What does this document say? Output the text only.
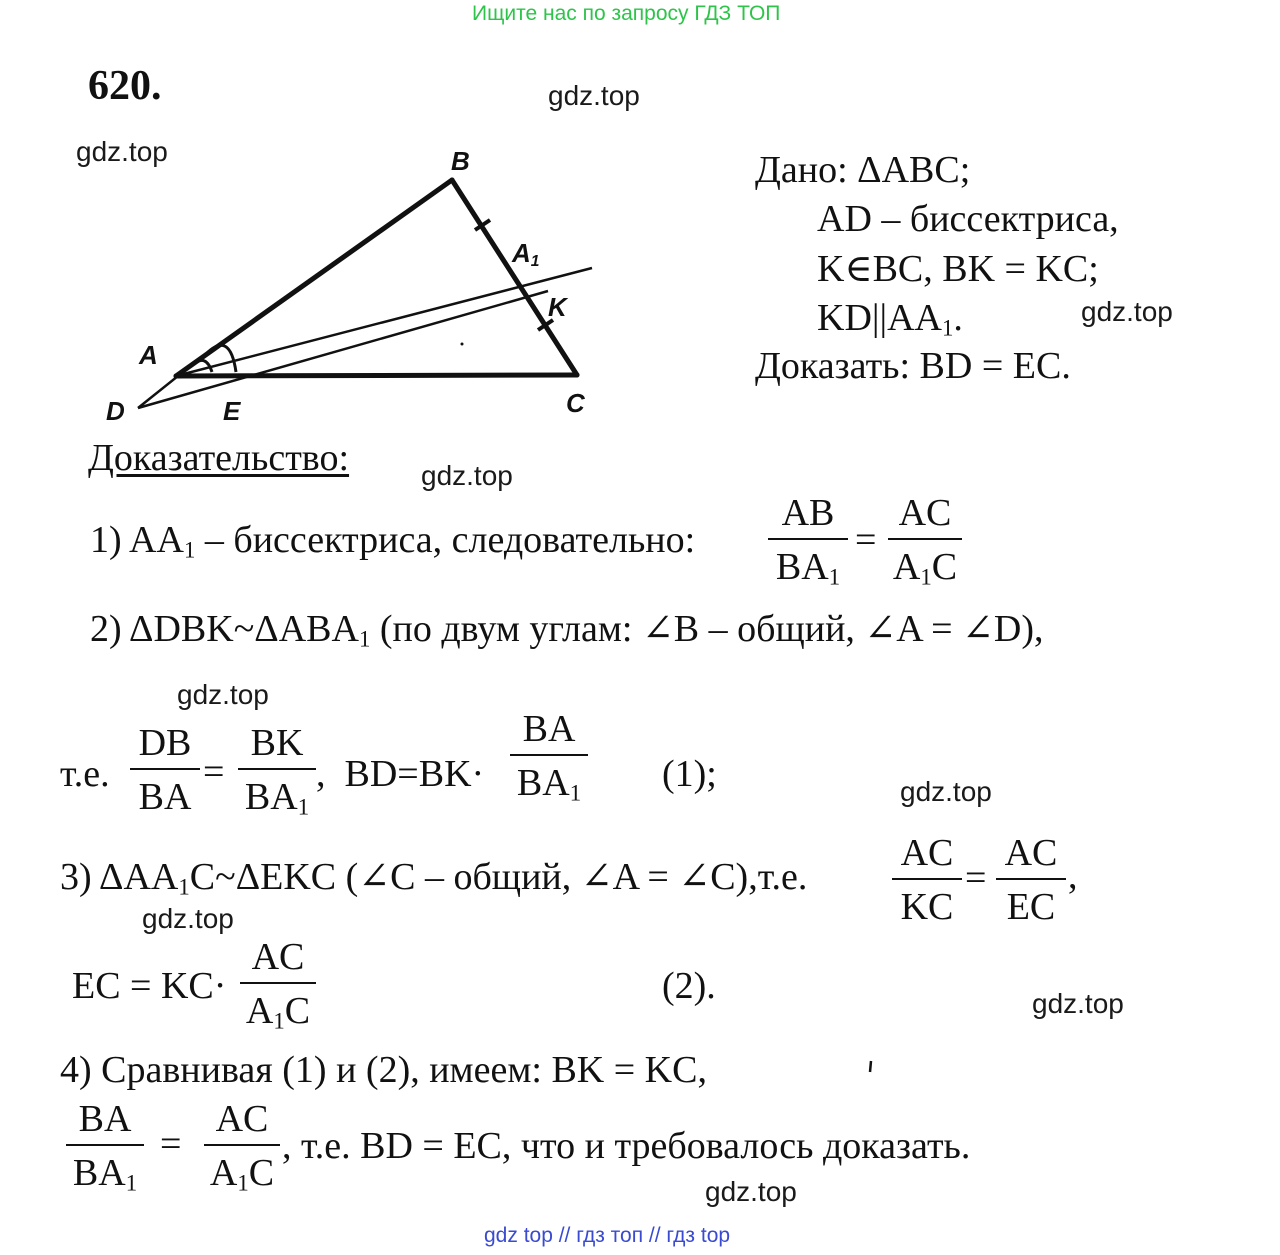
Ищите нас по запросу ГДЗ ТОП
gdz top // гдз топ // гдз top
gdz.top
gdz.top
gdz.top
gdz.top
gdz.top
gdz.top
gdz.top
gdz.top
gdz.top
620.
B
$A_1$
K
A
D	E	C
Дано: ΔABC;
AD – биссектриса,
K∈BC, BK = KC;
$KD||AA_1$.
Доказать: BD = EC.
Доказательство:
1) $AA_1$ – биссектриса, следовательно: $\frac{AB}{BA_1} = \frac{AC}{A_1C}$
2) $\Delta DBK\sim\Delta ABA_1$ (по двум углам: ∠B – общий, ∠A = ∠D),
т.е. $\frac{DB}{BA} = \frac{BK}{BA_1}$ ,  $BD=BK\cdot \frac{BA}{BA_1} (1)$;
3) $\Delta AA_1C\sim\Delta EKC$ (∠C – общий, ∠A = ∠C),т.е. $\frac{AC}{KC} = \frac{AC}{EC}$ ,
EC = $KC\cdot \frac{AC}{A_1C}$	(2).
4) Сравнивая (1) и (2), имеем: BK = KC,
$\frac{BA}{BA_1} = \frac{AC}{A_1C}$ , т.е. BD = EC, что и требовалось доказать.
